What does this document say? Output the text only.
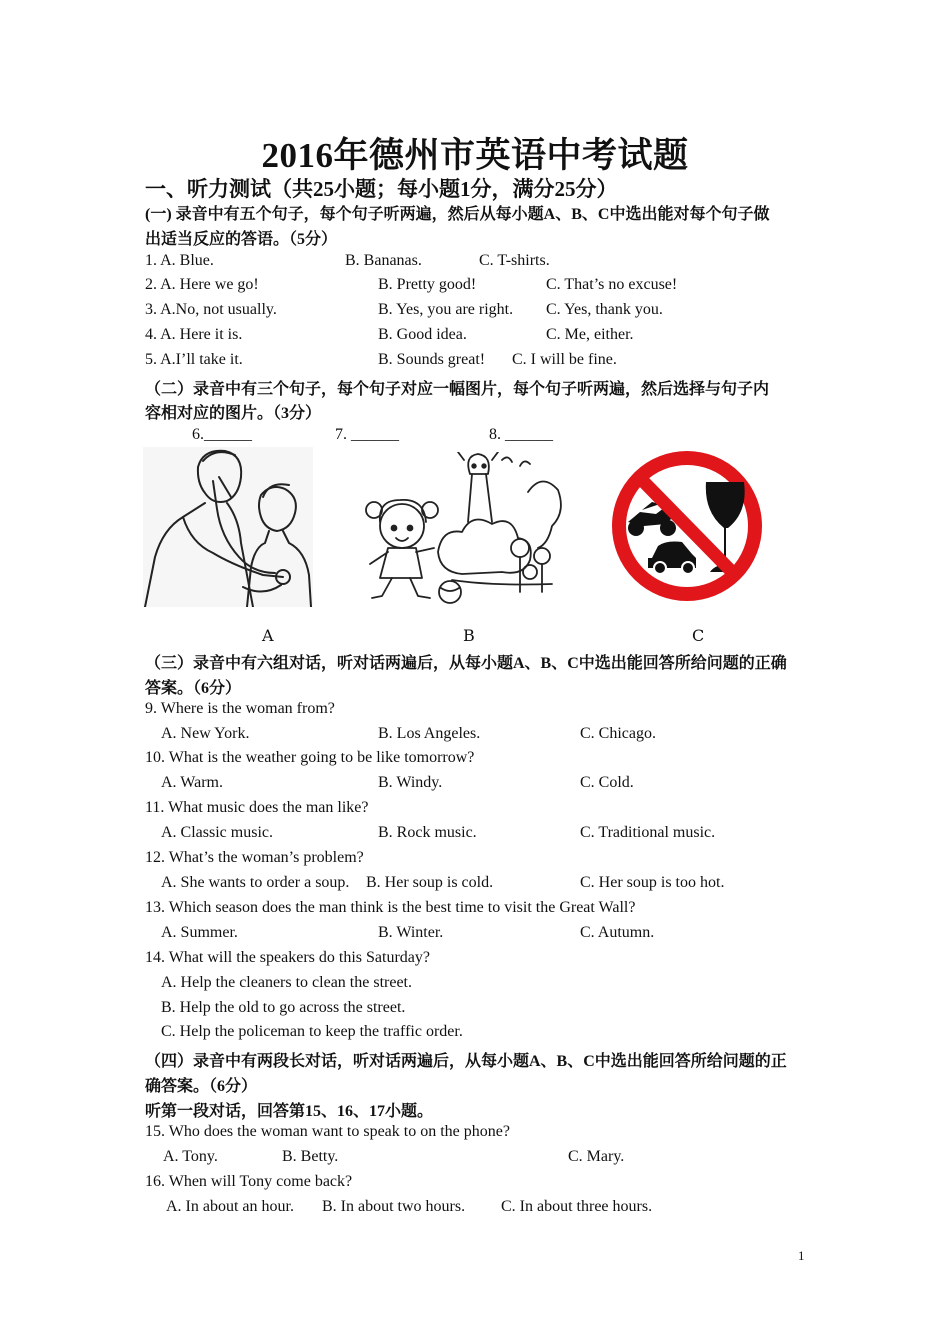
2016年德州市英语中考试题
一、听力测试（共25小题；每小题1分，满分25分）
(一) 录音中有五个句子，每个句子听两遍，然后从每小题A、B、C中选出能对每个句子做
出适当反应的答语。（5分）
1. A. Blue.	B. Bananas.	C. T-shirts.
2. A. Here we go!	B. Pretty good!	C. That’s no excuse!
3. A.No, not usually.	B. Yes, you are right. C. Yes, thank you.
4. A. Here it is.	B. Good idea.	C. Me, either.
5. A.I’ll take it.	B. Sounds great! C. I will be fine.
（二）录音中有三个句子，每个句子对应一幅图片，每个句子听两遍，然后选择与句子内
容相对应的图片。（3分）
6.______	7. ______	8. ______
A	B	C
（三）录音中有六组对话，听对话两遍后，从每小题A、B、C中选出能回答所给问题的正确
答案。（6分）
9. Where is the woman from?
A. New York.	B. Los Angeles.	C. Chicago.
10. What is the weather going to be like tomorrow?
A. Warm.	B. Windy.	C. Cold.
11. What music does the man like?
A. Classic music.	B. Rock music.	C. Traditional music.
12. What’s the woman’s problem?
A. She wants to order a soup. B. Her soup is cold.	C. Her soup is too hot.
13. Which season does the man think is the best time to visit the Great Wall?
A. Summer.	B. Winter.	C. Autumn.
14. What will the speakers do this Saturday?
A. Help the cleaners to clean the street.
B. Help the old to go across the street.
C. Help the policeman to keep the traffic order.
（四）录音中有两段长对话，听对话两遍后，从每小题A、B、C中选出能回答所给问题的正
确答案。（6分）
听第一段对话，回答第15、16、17小题。
15. Who does the woman want to speak to on the phone?
A. Tony.	B. Betty.	C. Mary.
16. When will Tony come back?
A. In about an hour. B. In about two hours. C. In about three hours.
1
